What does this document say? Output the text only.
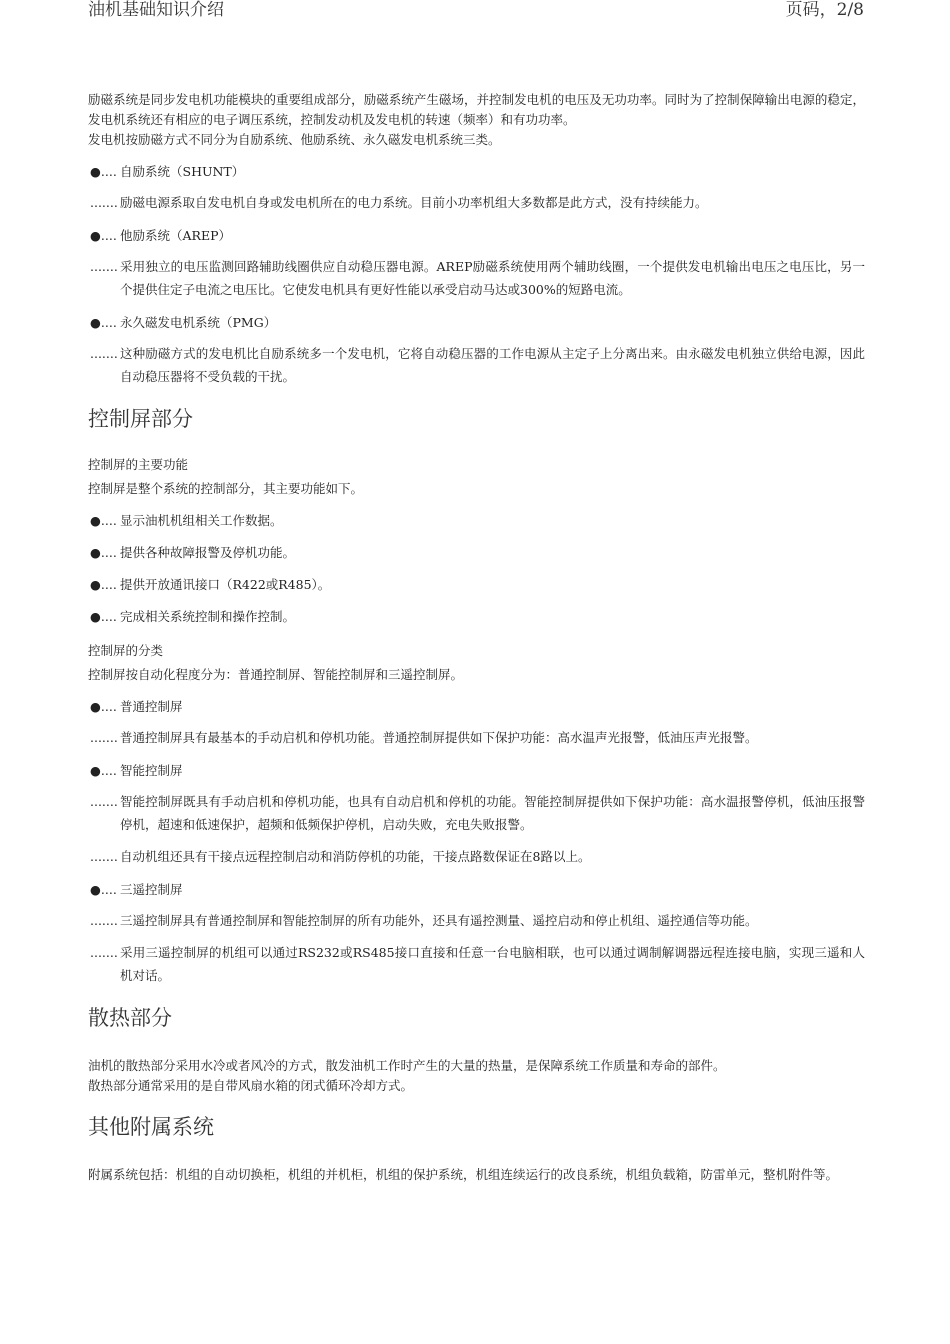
油机基础知识介绍	页码，2/8

励磁系统是同步发电机功能模块的重要组成部分，励磁系统产生磁场，并控制发电机的电压及无功功率。同时为了控制保障输出电源的稳定，发电机系统还有相应的电子调压系统，控制发动机及发电机的转速（频率）和有功功率。

发电机按励磁方式不同分为自励系统、他励系统、永久磁发电机系统三类。

●.... 自励系统（SHUNT）
....... 励磁电源系取自发电机自身或发电机所在的电力系统。目前小功率机组大多数都是此方式，没有持续能力。
●.... 他励系统（AREP）
....... 采用独立的电压监测回路辅助线圈供应自动稳压器电源。AREP励磁系统使用两个辅助线圈，一个提供发电机输出电压之电压比，另一个提供住定子电流之电压比。它使发电机具有更好性能以承受启动马达或300%的短路电流。
●.... 永久磁发电机系统（PMG）
....... 这种励磁方式的发电机比自励系统多一个发电机，它将自动稳压器的工作电源从主定子上分离出来。由永磁发电机独立供给电源，因此自动稳压器将不受负载的干扰。
控制屏部分
控制屏的主要功能

控制屏是整个系统的控制部分，其主要功能如下。

●.... 显示油机机组相关工作数据。
●.... 提供各种故障报警及停机功能。
●.... 提供开放通讯接口（R422或R485）。
●.... 完成相关系统控制和操作控制。
控制屏的分类

控制屏按自动化程度分为：普通控制屏、智能控制屏和三遥控制屏。

●.... 普通控制屏
....... 普通控制屏具有最基本的手动启机和停机功能。普通控制屏提供如下保护功能：高水温声光报警，低油压声光报警。
●.... 智能控制屏
....... 智能控制屏既具有手动启机和停机功能，也具有自动启机和停机的功能。智能控制屏提供如下保护功能：高水温报警停机，低油压报警停机，超速和低速保护，超频和低频保护停机，启动失败，充电失败报警。
....... 自动机组还具有干接点远程控制启动和消防停机的功能，干接点路数保证在8路以上。
●.... 三遥控制屏
....... 三遥控制屏具有普通控制屏和智能控制屏的所有功能外，还具有遥控测量、遥控启动和停止机组、遥控通信等功能。
....... 采用三遥控制屏的机组可以通过RS232或RS485接口直接和任意一台电脑相联，也可以通过调制解调器远程连接电脑，实现三遥和人机对话。
散热部分

油机的散热部分采用水冷或者风冷的方式，散发油机工作时产生的大量的热量，是保障系统工作质量和寿命的部件。

散热部分通常采用的是自带风扇水箱的闭式循环冷却方式。

其他附属系统

附属系统包括：机组的自动切换柜，机组的并机柜，机组的保护系统，机组连续运行的改良系统，机组负载箱，防雷单元，整机附件等。
